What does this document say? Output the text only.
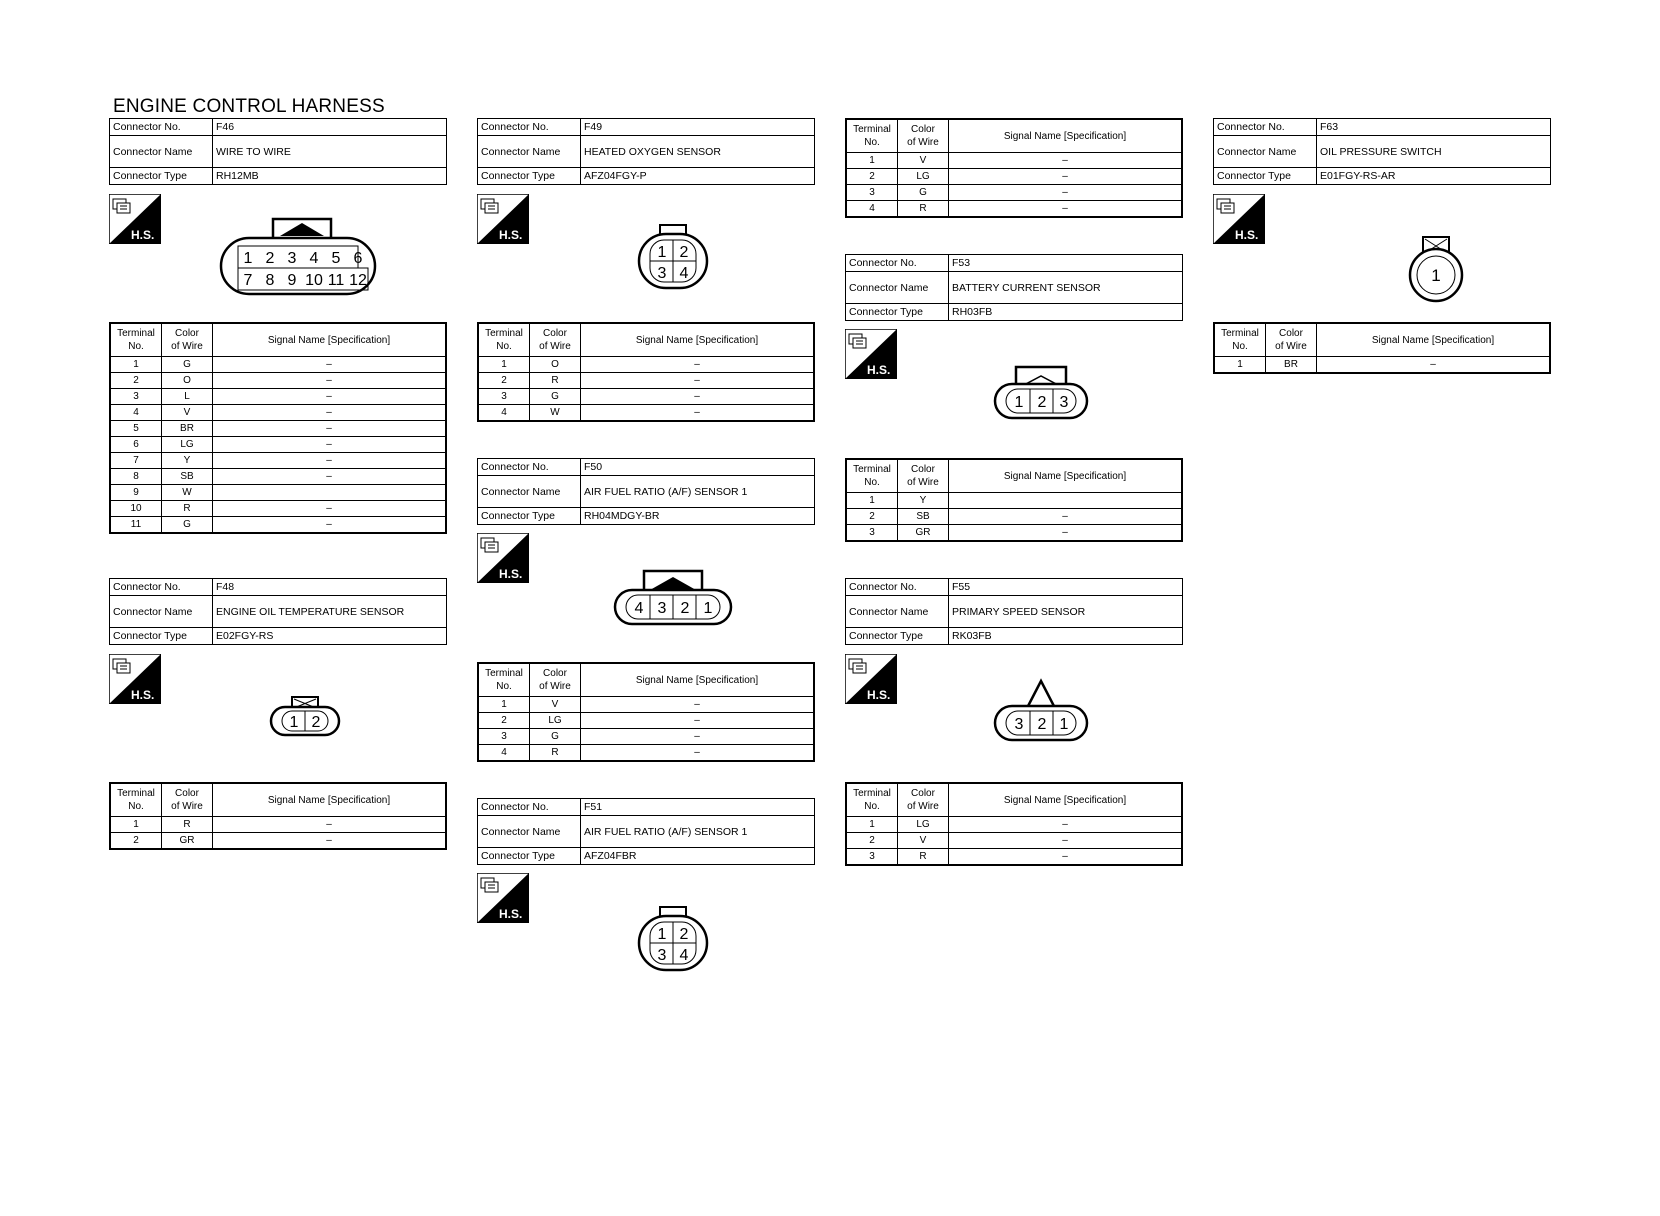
ENGINE CONTROL HARNESS
Connector No.	F46
Connector Name	WIRE TO WIRE
Connector Type	RH12MB
H.S.
1 2 3 4 5 6
7 8 9 10 11 12
Terminal
No.	Color
of Wire	Signal Name [Specification]
1	G	–
2	O	–
3	L	–
4	V	–
5	BR	–
6	LG	–
7	Y	–
8	SB	–
9	W	
10	R	–
11	G	–
Connector No.	F48
Connector Name	ENGINE OIL TEMPERATURE SENSOR
Connector Type	E02FGY-RS
H.S.
1 2
Terminal
No.	Color
of Wire	Signal Name [Specification]
1	R	–
2	GR	–
Connector No.	F49
Connector Name	HEATED OXYGEN SENSOR
Connector Type	AFZ04FGY-P
H.S.
1 2
3 4
Terminal
No.	Color
of Wire	Signal Name [Specification]
1	O	–
2	R	–
3	G	–
4	W	–
Connector No.	F50
Connector Name	AIR FUEL RATIO (A/F) SENSOR 1
Connector Type	RH04MDGY-BR
H.S.
4 3 2 1
Terminal
No.	Color
of Wire	Signal Name [Specification]
1	V	–
2	LG	–
3	G	–
4	R	–
Connector No.	F51
Connector Name	AIR FUEL RATIO (A/F) SENSOR 1
Connector Type	AFZ04FBR
H.S.
1 2
3 4
Terminal
No.	Color
of Wire	Signal Name [Specification]
1	V	–
2	LG	–
3	G	–
4	R	–
Connector No.	F53
Connector Name	BATTERY CURRENT SENSOR
Connector Type	RH03FB
H.S.
1 2 3
Terminal
No.	Color
of Wire	Signal Name [Specification]
1	Y	
2	SB	–
3	GR	–
Connector No.	F55
Connector Name	PRIMARY SPEED SENSOR
Connector Type	RK03FB
H.S.
3 2 1
Terminal
No.	Color
of Wire	Signal Name [Specification]
1	LG	–
2	V	–
3	R	–
Connector No.	F63
Connector Name	OIL PRESSURE SWITCH
Connector Type	E01FGY-RS-AR
H.S.
1
Terminal
No.	Color
of Wire	Signal Name [Specification]
1	BR	–
